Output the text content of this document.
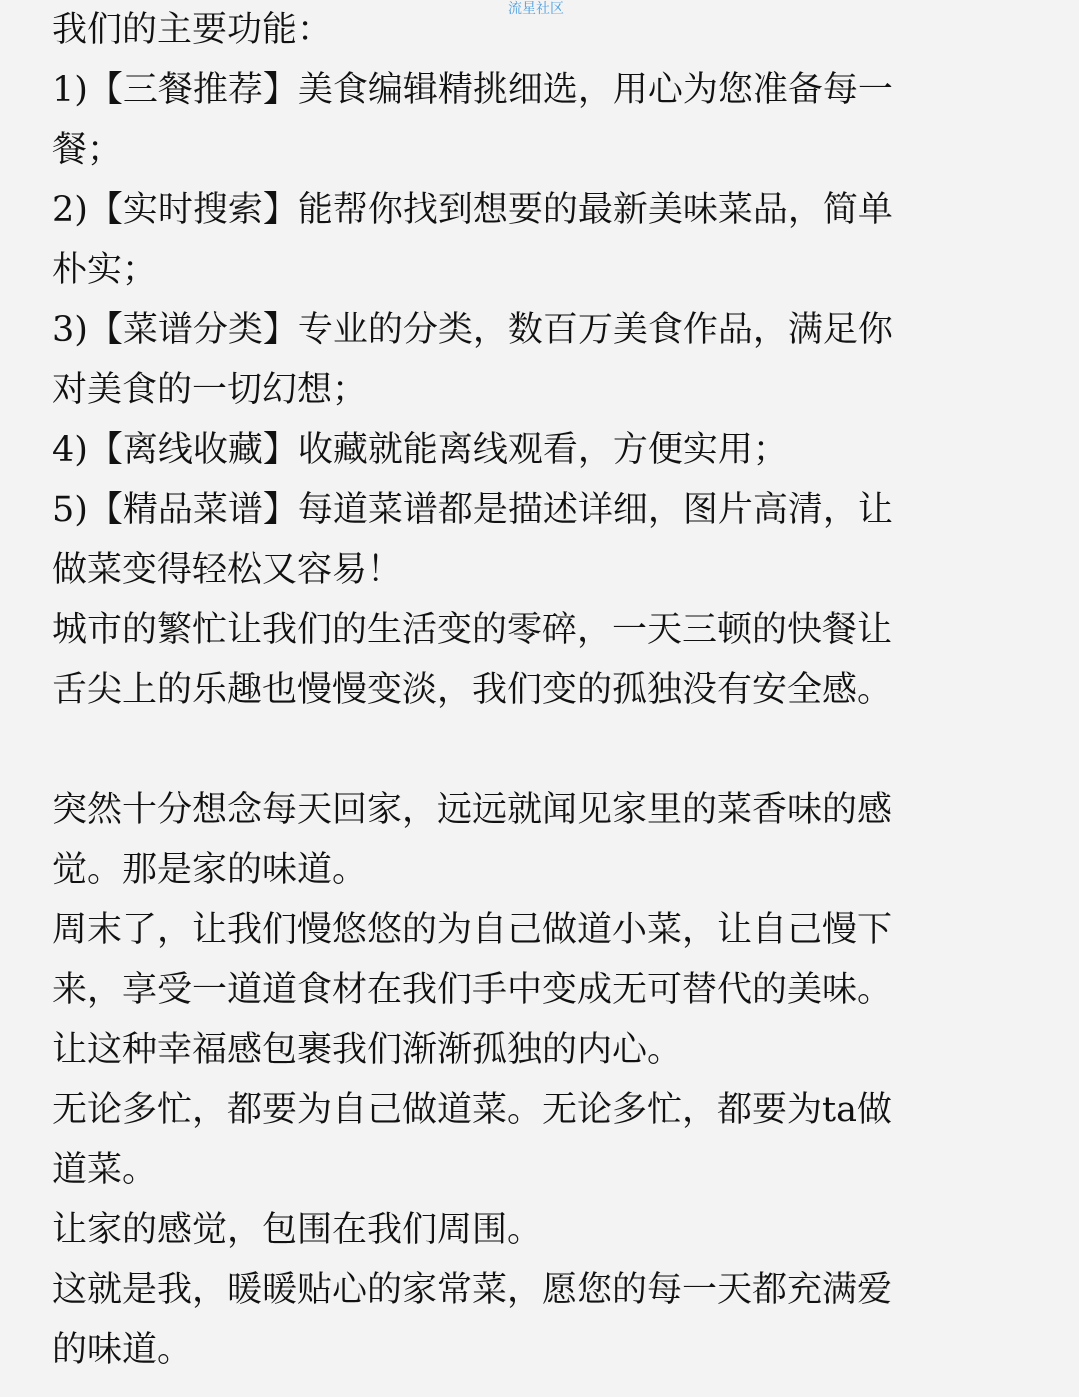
流星社区
我们的主要功能：
1)【三餐推荐】美食编辑精挑细选，用心为您准备每一
餐；
2)【实时搜索】能帮你找到想要的最新美味菜品，简单
朴实；
3)【菜谱分类】专业的分类，数百万美食作品，满足你
对美食的一切幻想；
4)【离线收藏】收藏就能离线观看，方便实用；
5)【精品菜谱】每道菜谱都是描述详细，图片高清，让
做菜变得轻松又容易！
城市的繁忙让我们的生活变的零碎，一天三顿的快餐让
舌尖上的乐趣也慢慢变淡，我们变的孤独没有安全感。
突然十分想念每天回家，远远就闻见家里的菜香味的感
觉。那是家的味道。
周末了，让我们慢悠悠的为自己做道小菜，让自己慢下
来，享受一道道食材在我们手中变成无可替代的美味。
让这种幸福感包裹我们渐渐孤独的内心。
无论多忙，都要为自己做道菜。无论多忙，都要为ta做
道菜。
让家的感觉，包围在我们周围。
这就是我，暖暖贴心的家常菜，愿您的每一天都充满爱
的味道。
